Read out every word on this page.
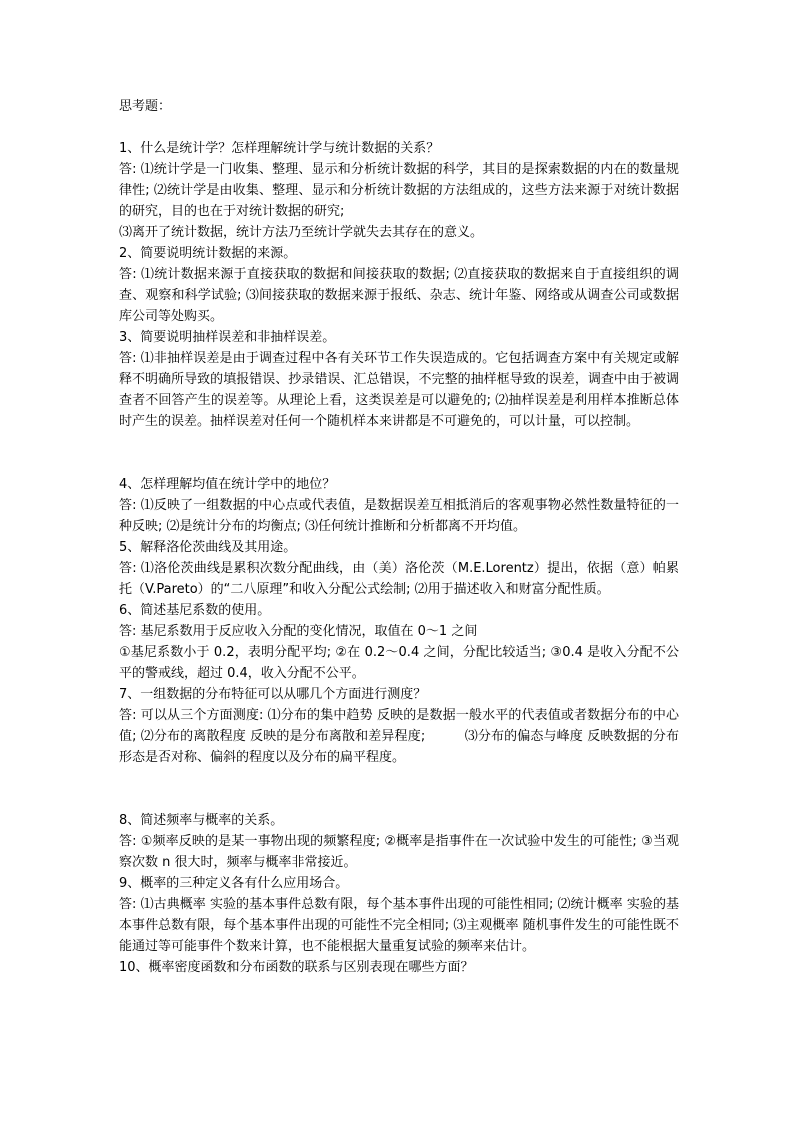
思考题：
1、什么是统计学？怎样理解统计学与统计数据的关系？
答: ⑴统计学是一门收集、整理、显示和分析统计数据的科学，其目的是探索数据的内在的数量规律性; ⑵统计学是由收集、整理、显示和分析统计数据的方法组成的，这些方法来源于对统计数据的研究，目的也在于对统计数据的研究;
⑶离开了统计数据，统计方法乃至统计学就失去其存在的意义。
2、简要说明统计数据的来源。
答: ⑴统计数据来源于直接获取的数据和间接获取的数据; ⑵直接获取的数据来自于直接组织的调查、观察和科学试验; ⑶间接获取的数据来源于报纸、杂志、统计年鉴、网络或从调查公司或数据库公司等处购买。
3、简要说明抽样误差和非抽样误差。
答: ⑴非抽样误差是由于调查过程中各有关环节工作失误造成的。它包括调查方案中有关规定或解释不明确所导致的填报错误、抄录错误、汇总错误，不完整的抽样框导致的误差，调查中由于被调查者不回答产生的误差等。从理论上看，这类误差是可以避免的; ⑵抽样误差是利用样本推断总体时产生的误差。抽样误差对任何一个随机样本来讲都是不可避免的，可以计量，可以控制。
4、怎样理解均值在统计学中的地位？
答: ⑴反映了一组数据的中心点或代表值，是数据误差互相抵消后的客观事物必然性数量特征的一种反映; ⑵是统计分布的均衡点; ⑶任何统计推断和分析都离不开均值。
5、解释洛伦茨曲线及其用途。
答: ⑴洛伦茨曲线是累积次数分配曲线，由（美）洛伦茨（M.E.Lorentz）提出，依据（意）帕累托（V.Pareto）的“二八原理”和收入分配公式绘制; ⑵用于描述收入和财富分配性质。
6、简述基尼系数的使用。
答: 基尼系数用于反应收入分配的变化情况，取值在 0～1 之间
①基尼系数小于 0.2，表明分配平均; ②在 0.2～0.4 之间，分配比较适当; ③0.4 是收入分配不公平的警戒线，超过 0.4，收入分配不公平。
7、一组数据的分布特征可以从哪几个方面进行测度？
答: 可以从三个方面测度: ⑴分布的集中趋势 反映的是数据一般水平的代表值或者数据分布的中心值; ⑵分布的离散程度 反映的是分布离散和差异程度;　　　⑶分布的偏态与峰度 反映数据的分布形态是否对称、偏斜的程度以及分布的扁平程度。
8、简述频率与概率的关系。
答: ①频率反映的是某一事物出现的频繁程度; ②概率是指事件在一次试验中发生的可能性; ③当观察次数 n 很大时，频率与概率非常接近。
9、概率的三种定义各有什么应用场合。
答: ⑴古典概率 实验的基本事件总数有限，每个基本事件出现的可能性相同; ⑵统计概率 实验的基本事件总数有限，每个基本事件出现的可能性不完全相同; ⑶主观概率 随机事件发生的可能性既不能通过等可能事件个数来计算，也不能根据大量重复试验的频率来估计。
10、概率密度函数和分布函数的联系与区别表现在哪些方面？
